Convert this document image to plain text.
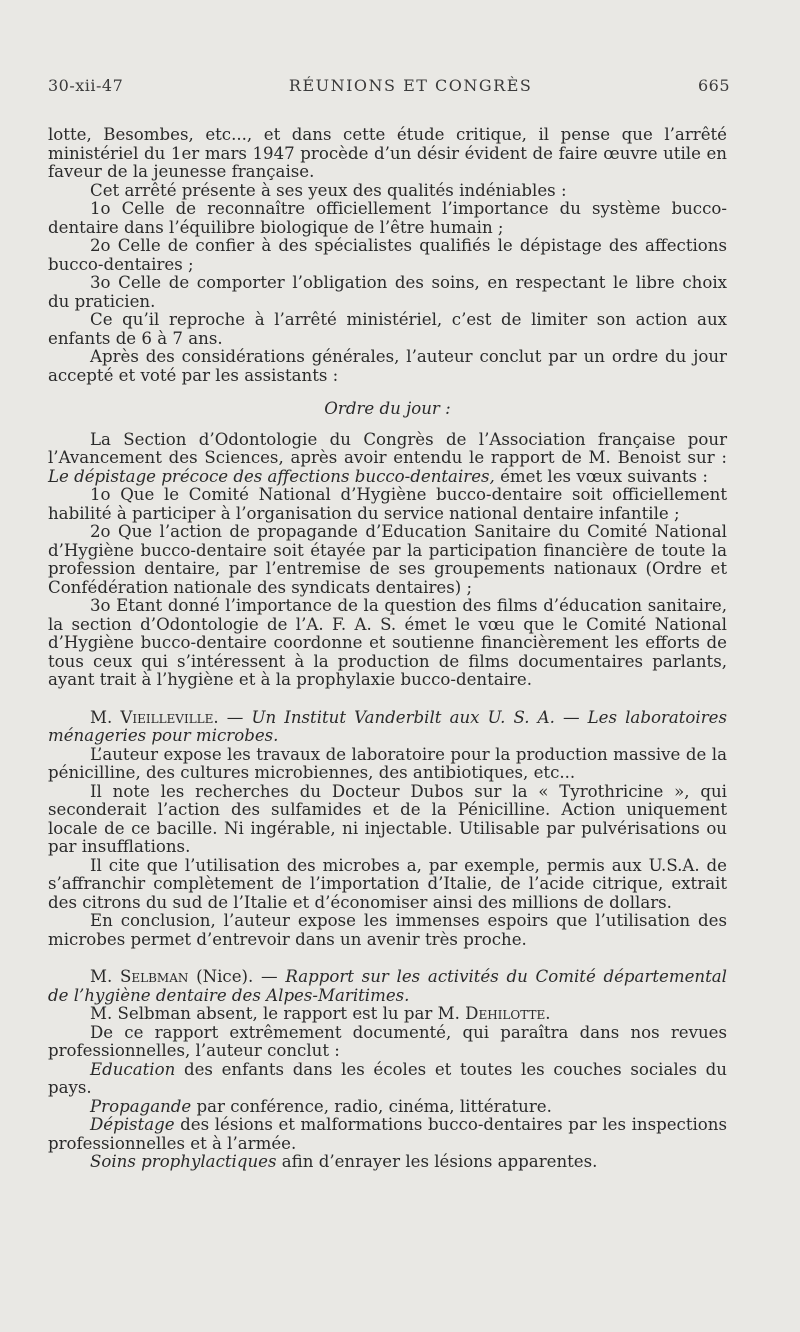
30-xii-47	RÉUNIONS ET CONGRÈS	665

lotte, Besombes, etc..., et dans cette étude critique, il pense que l’arrêté ministériel du 1er mars 1947 procède d’un désir évident de faire œuvre utile en faveur de la jeunesse française.

Cet arrêté présente à ses yeux des qualités indéniables :

1o Celle de reconnaître officiellement l’importance du système bucco-dentaire dans l’équilibre biologique de l’être humain ;

2o Celle de confier à des spécialistes qualifiés le dépistage des affections bucco-dentaires ;

3o Celle de comporter l’obligation des soins, en respectant le libre choix du praticien.

Ce qu’il reproche à l’arrêté ministériel, c’est de limiter son action aux enfants de 6 à 7 ans.

Après des considérations générales, l’auteur conclut par un ordre du jour accepté et voté par les assistants :

Ordre du jour :

La Section d’Odontologie du Congrès de l’Association française pour l’Avancement des Sciences, après avoir entendu le rapport de M. Benoist sur : Le dépistage précoce des affections bucco-dentaires, émet les vœux suivants :

1o Que le Comité National d’Hygiène bucco-dentaire soit officiellement habilité à participer à l’organisation du service national dentaire infantile ;

2o Que l’action de propagande d’Education Sanitaire du Comité National d’Hygiène bucco-dentaire soit étayée par la participation financière de toute la profession dentaire, par l’entremise de ses groupements nationaux (Ordre et Confédération nationale des syndicats dentaires) ;

3o Etant donné l’importance de la question des films d’éducation sanitaire, la section d’Odontologie de l’A. F. A. S. émet le vœu que le Comité National d’Hygiène bucco-dentaire coordonne et soutienne financièrement les efforts de tous ceux qui s’intéressent à la production de films documentaires parlants, ayant trait à l’hygiène et à la prophylaxie bucco-dentaire.

M. Vieilleville. — Un Institut Vanderbilt aux U. S. A. — Les laboratoires ménageries pour microbes.

L’auteur expose les travaux de laboratoire pour la production massive de la pénicilline, des cultures microbiennes, des antibiotiques, etc...

Il note les recherches du Docteur Dubos sur la « Tyrothricine », qui seconderait l’action des sulfamides et de la Pénicilline. Action uniquement locale de ce bacille. Ni ingérable, ni injectable. Utilisable par pulvérisations ou par insufflations.

Il cite que l’utilisation des microbes a, par exemple, permis aux U.S.A. de s’affranchir complètement de l’importation d’Italie, de l’acide citrique, extrait des citrons du sud de l’Italie et d’économiser ainsi des millions de dollars.

En conclusion, l’auteur expose les immenses espoirs que l’utilisation des microbes permet d’entrevoir dans un avenir très proche.

M. Selbman (Nice). — Rapport sur les activités du Comité départemental de l’hygiène dentaire des Alpes-Maritimes.

M. Selbman absent, le rapport est lu par M. Dehilotte.

De ce rapport extrêmement documenté, qui paraîtra dans nos revues professionnelles, l’auteur conclut :

Education des enfants dans les écoles et toutes les couches sociales du pays.

Propagande par conférence, radio, cinéma, littérature.

Dépistage des lésions et malformations bucco-dentaires par les inspections professionnelles et à l’armée.

Soins prophylactiques afin d’enrayer les lésions apparentes.
